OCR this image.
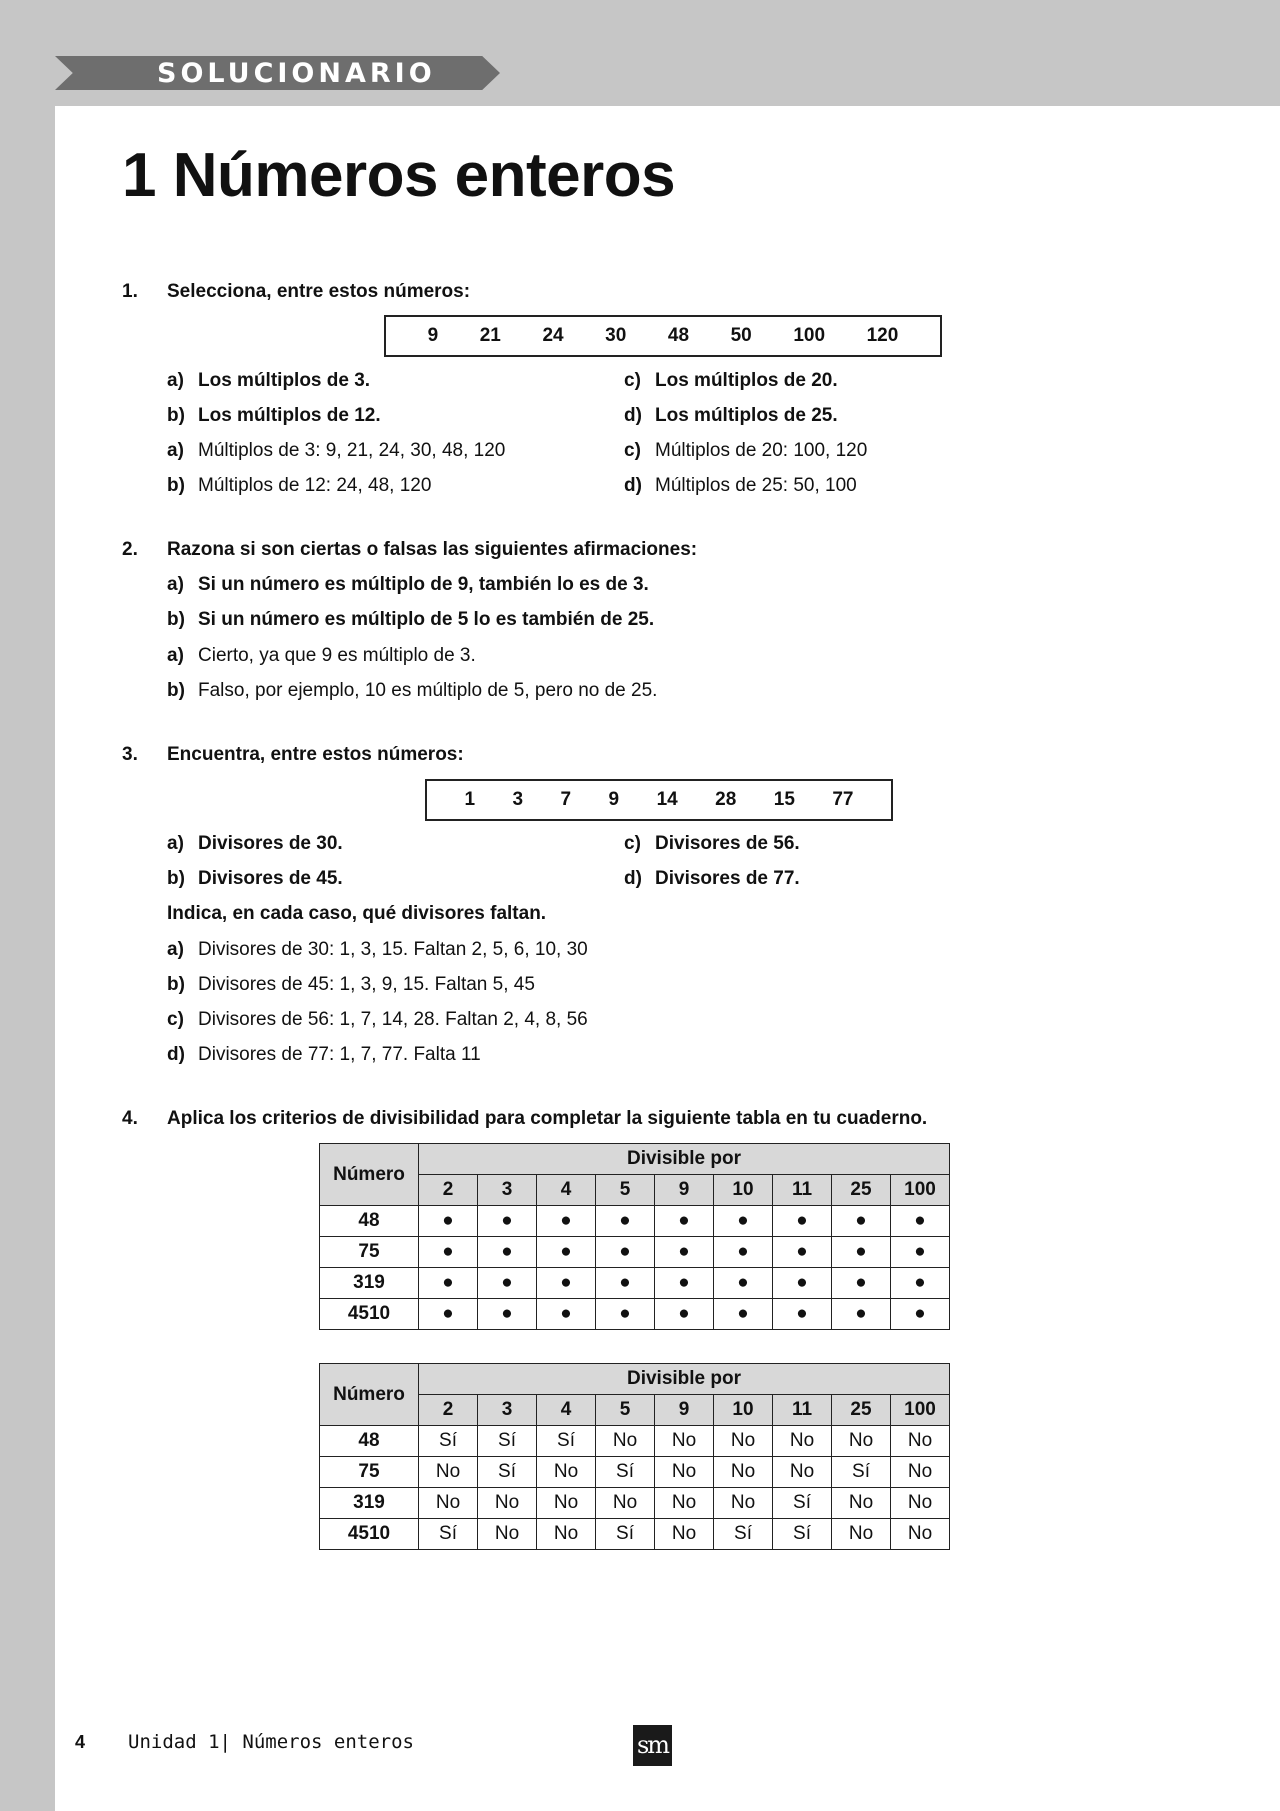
SOLUCIONARIO
1 Números enteros
1. Selecciona, entre estos números:
9 21 24 30 48 50 100 120
a) Los múltiplos de 3.
b) Los múltiplos de 12.
c) Los múltiplos de 20.
d) Los múltiplos de 25.
a) Múltiplos de 3: 9, 21, 24, 30, 48, 120
b) Múltiplos de 12: 24, 48, 120
c) Múltiplos de 20: 100, 120
d) Múltiplos de 25: 50, 100
2. Razona si son ciertas o falsas las siguientes afirmaciones:
a) Si un número es múltiplo de 9, también lo es de 3.
b) Si un número es múltiplo de 5 lo es también de 25.
a) Cierto, ya que 9 es múltiplo de 3.
b) Falso, por ejemplo, 10 es múltiplo de 5, pero no de 25.
3. Encuentra, entre estos números:
1 3 7 9 14 28 15 77
a) Divisores de 30.
b) Divisores de 45.
c) Divisores de 56.
d) Divisores de 77.
Indica, en cada caso, qué divisores faltan.
a) Divisores de 30: 1, 3, 15. Faltan 2, 5, 6, 10, 30
b) Divisores de 45: 1, 3, 9, 15. Faltan 5, 45
c) Divisores de 56: 1, 7, 14, 28. Faltan 2, 4, 8, 56
d) Divisores de 77: 1, 7, 77. Falta 11
4. Aplica los criterios de divisibilidad para completar la siguiente tabla en tu cuaderno.
Número	Divisible por								
	2	3	4	5	9	10	11	25	100
48	●	●	●	●	●	●	●	●	●
75	●	●	●	●	●	●	●	●	●
319	●	●	●	●	●	●	●	●	●
4510	●	●	●	●	●	●	●	●	●
Número	Divisible por								
	2	3	4	5	9	10	11	25	100
48	Sí	Sí	Sí	No	No	No	No	No	No
75	No	Sí	No	Sí	No	No	No	Sí	No
319	No	No	No	No	No	No	Sí	No	No
4510	Sí	No	No	Sí	No	Sí	Sí	No	No
4 Unidad 1| Números enteros	sm
